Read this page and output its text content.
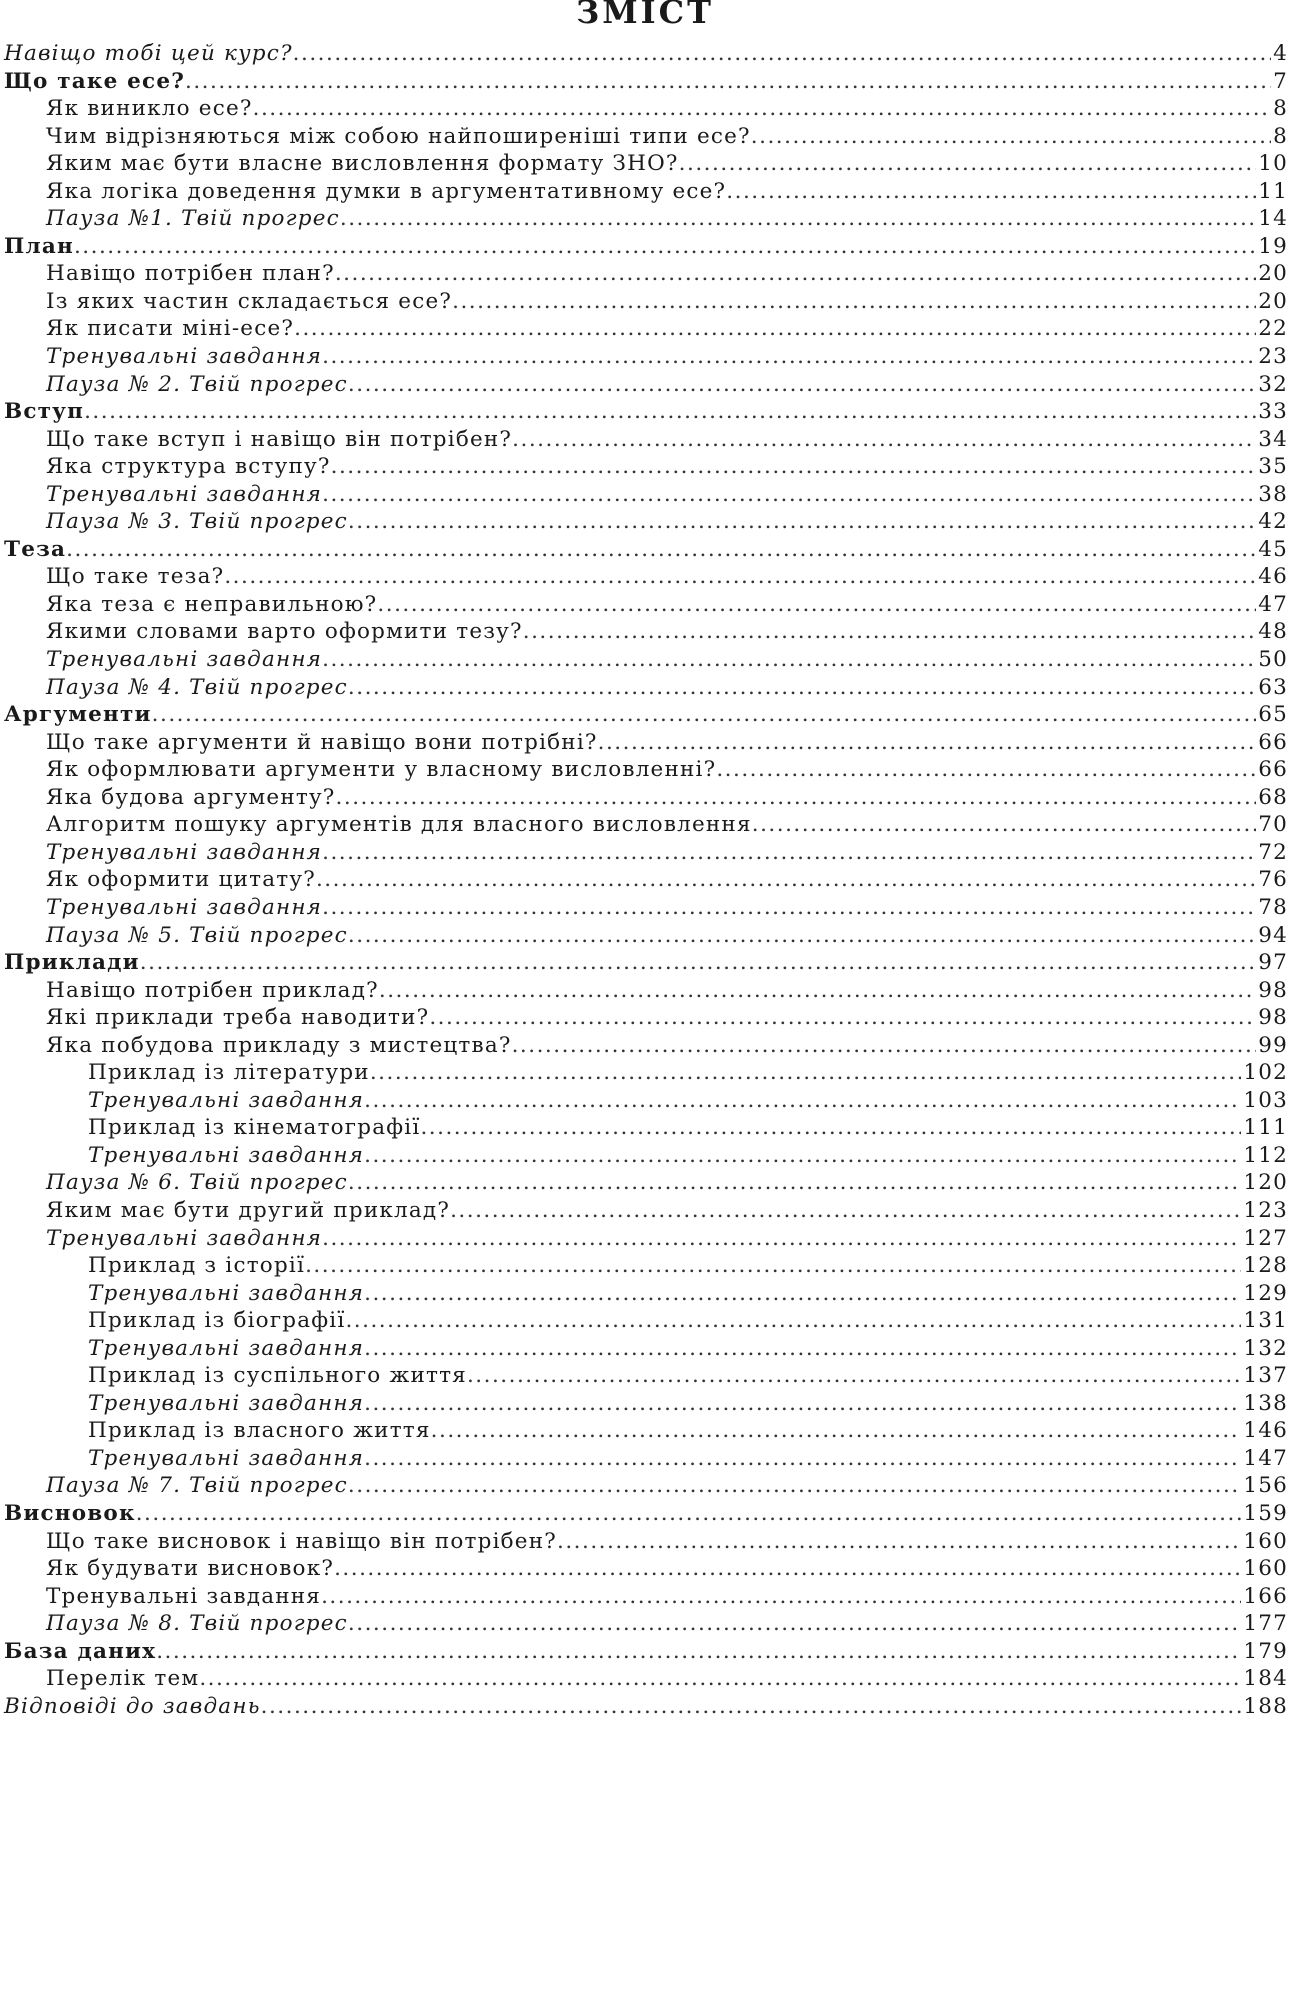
ЗМІСТ
Навіщо тобі цей курс? .....	4
Що таке есе? .....	7
Як виникло есе? .....	8
Чим відрізняються між собою найпоширеніші типи есе? .....	8
Яким має бути власне висловлення формату ЗНО? .....	10
Яка логіка доведення думки в аргументативному есе? .....	11
Пауза №1. Твій прогрес .....	14
План .....	19
Навіщо потрібен план? .....	20
Із яких частин складається есе? .....	20
Як писати міні-есе? .....	22
Тренувальні завдання .....	23
Пауза № 2. Твій прогрес .....	32
Вступ .....	33
Що таке вступ і навіщо він потрібен? .....	34
Яка структура вступу? .....	35
Тренувальні завдання .....	38
Пауза № 3. Твій прогрес .....	42
Теза .....	45
Що таке теза? .....	46
Яка теза є неправильною? .....	47
Якими словами варто оформити тезу? .....	48
Тренувальні завдання .....	50
Пауза № 4. Твій прогрес .....	63
Аргументи .....	65
Що таке аргументи й навіщо вони потрібні? .....	66
Як оформлювати аргументи у власному висловленні? .....	66
Яка будова аргументу? .....	68
Алгоритм пошуку аргументів для власного висловлення .....	70
Тренувальні завдання .....	72
Як оформити цитату? .....	76
Тренувальні завдання .....	78
Пауза № 5. Твій прогрес .....	94
Приклади .....	97
Навіщо потрібен приклад? .....	98
Які приклади треба наводити? .....	98
Яка побудова прикладу з мистецтва? .....	99
Приклад із літератури .....	102
Тренувальні завдання .....	103
Приклад із кінематографії .....	111
Тренувальні завдання .....	112
Пауза № 6. Твій прогрес .....	120
Яким має бути другий приклад? .....	123
Тренувальні завдання .....	127
Приклад з історії .....	128
Тренувальні завдання .....	129
Приклад із біографії .....	131
Тренувальні завдання .....	132
Приклад із суспільного життя .....	137
Тренувальні завдання .....	138
Приклад із власного життя .....	146
Тренувальні завдання .....	147
Пауза № 7. Твій прогрес .....	156
Висновок .....	159
Що таке висновок і навіщо він потрібен? .....	160
Як будувати висновок? .....	160
Тренувальні завдання .....	166
Пауза № 8. Твій прогрес .....	177
База даних .....	179
Перелік тем .....	184
Відповіді до завдань .....	188
